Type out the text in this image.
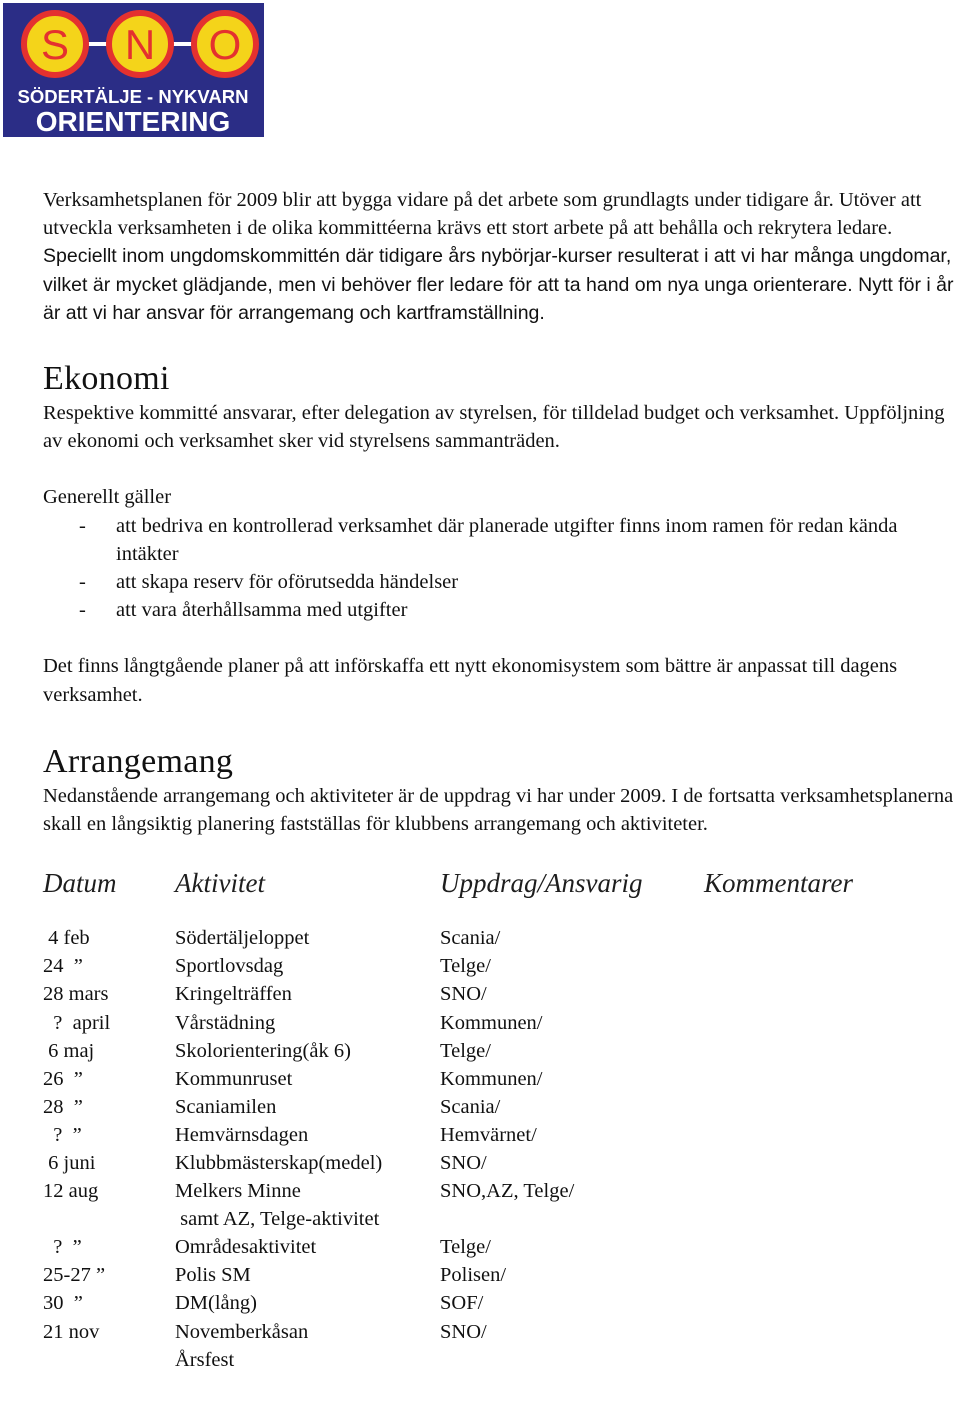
S N O
SÖDERTÄLJE - NYKVARN
ORIENTERING

Verksamhetsplanen för 2009 blir att bygga vidare på det arbete som grundlagts under tidigare år. Utöver att utveckla verksamheten i de olika kommittéerna krävs ett stort arbete på att behålla och rekrytera ledare. Speciellt inom ungdomskommittén där tidigare års nybörjar-kurser resulterat i att vi har många ungdomar, vilket är mycket glädjande, men vi behöver fler ledare för att ta hand om nya unga orienterare. Nytt för i år är att vi har ansvar för arrangemang och kartframställning.

Ekonomi

Respektive kommitté ansvarar, efter delegation av styrelsen, för tilldelad budget och verksamhet. Uppföljning av ekonomi och verksamhet sker vid styrelsens sammanträden.

Generellt gäller

- att bedriva en kontrollerad verksamhet där planerade utgifter finns inom ramen för redan kända intäkter
- att skapa reserv för oförutsedda händelser
- att vara återhållsamma med utgifter

Det finns långtgående planer på att införskaffa ett nytt ekonomisystem som bättre är anpassat till dagens verksamhet.

Arrangemang

Nedanstående arrangemang och aktiviteter är de uppdrag vi har under 2009. I de fortsatta verksamhetsplanerna skall en långsiktig planering fastställas för klubbens arrangemang och aktiviteter.

Datum Aktivitet	Uppdrag/Ansvarig Kommentarer
4 feb	Södertäljeloppet	Scania/
24  ”	Sportlovsdag	Telge/
28 mars	Kringelträffen	SNO/
?  april	Vårstädning	Kommunen/
6 maj	Skolorientering(åk 6)	Telge/
26  ”	Kommunruset	Kommunen/
28  ”	Scaniamilen	Scania/
?  ”	Hemvärnsdagen	Hemvärnet/
6 juni	Klubbmästerskap(medel)	SNO/
12 aug	Melkers Minne	SNO,AZ, Telge/
samt AZ, Telge-aktivitet
?  ”	Områdesaktivitet	Telge/
25-27 ”	Polis SM	Polisen/
30  ”	DM(lång)	SOF/
21 nov	Novemberkåsan	SNO/
Årsfest
